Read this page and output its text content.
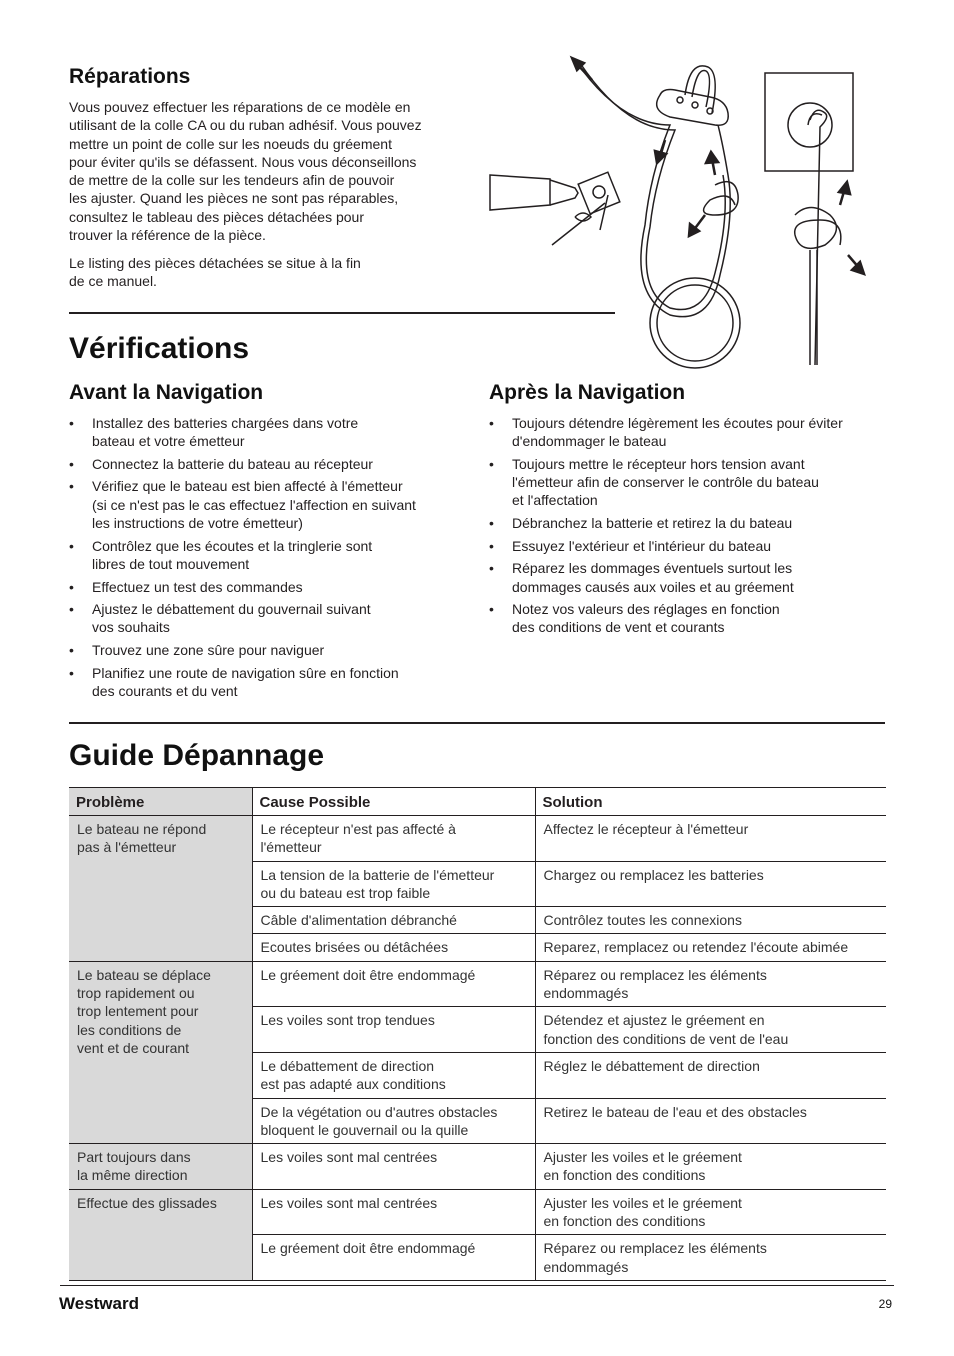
Réparations

Vous pouvez effectuer les réparations de ce modèle en
utilisant de la colle CA ou du ruban adhésif. Vous pouvez
mettre un point de colle sur les noeuds du gréement
pour éviter qu'ils se défassent. Nous vous déconseillons
de mettre de la colle sur les tendeurs afin de pouvoir
les ajuster. Quand les pièces ne sont pas réparables,
consultez le tableau des pièces détachées pour
trouver la référence de la pièce.

Le listing des pièces détachées se situe à la fin
de ce manuel.

Vérifications
Avant la Navigation
• Installez des batteries chargées dans votre
bateau et votre émetteur
• Connectez la batterie du bateau au récepteur
• Vérifiez que le bateau est bien affecté à l'émetteur
(si ce n'est pas le cas effectuez l'affection en suivant
les instructions de votre émetteur)
• Contrôlez que les écoutes et la tringlerie sont
libres de tout mouvement
• Effectuez un test des commandes
• Ajustez le débattement du gouvernail suivant
vos souhaits
• Trouvez une zone sûre pour naviguer
• Planifiez une route de navigation sûre en fonction
des courants et du vent
Après la Navigation
• Toujours détendre légèrement les écoutes pour éviter
d'endommager le bateau
• Toujours mettre le récepteur hors tension avant
l'émetteur afin de conserver le contrôle du bateau
et l'affectation
• Débranchez la batterie et retirez la du bateau
• Essuyez l'extérieur et l'intérieur du bateau
• Réparez les dommages éventuels surtout les
dommages causés aux voiles et au gréement
• Notez vos valeurs des réglages en fonction
des conditions de vent et courants
Guide Dépannage
Problème	Cause Possible	Solution
Le bateau ne répond
pas à l'émetteur	Le récepteur n'est pas affecté à
l'émetteur	Affectez le récepteur à l'émetteur
	La tension de la batterie de l'émetteur
ou du bateau est trop faible	Chargez ou remplacez les batteries
	Câble d'alimentation débranché	Contrôlez toutes les connexions
	Ecoutes brisées ou détâchées	Reparez, remplacez ou retendez l'écoute abimée
Le bateau se déplace
trop rapidement ou
trop lentement pour
les conditions de
vent et de courant	Le gréement doit être endommagé	Réparez ou remplacez les éléments
endommagés
	Les voiles sont trop tendues	Détendez et ajustez le gréement en
fonction des conditions de vent de l'eau
	Le débattement de direction
est pas adapté aux conditions	Réglez le débattement de direction
	De la végétation ou d'autres obstacles
bloquent le gouvernail ou la quille	Retirez le bateau de l'eau et des obstacles
Part toujours dans
la même direction	Les voiles sont mal centrées	Ajuster les voiles et le gréement
en fonction des conditions
Effectue des glissades	Les voiles sont mal centrées	Ajuster les voiles et le gréement
en fonction des conditions
	Le gréement doit être endommagé	Réparez ou remplacez les éléments
endommagés
Westward	29
